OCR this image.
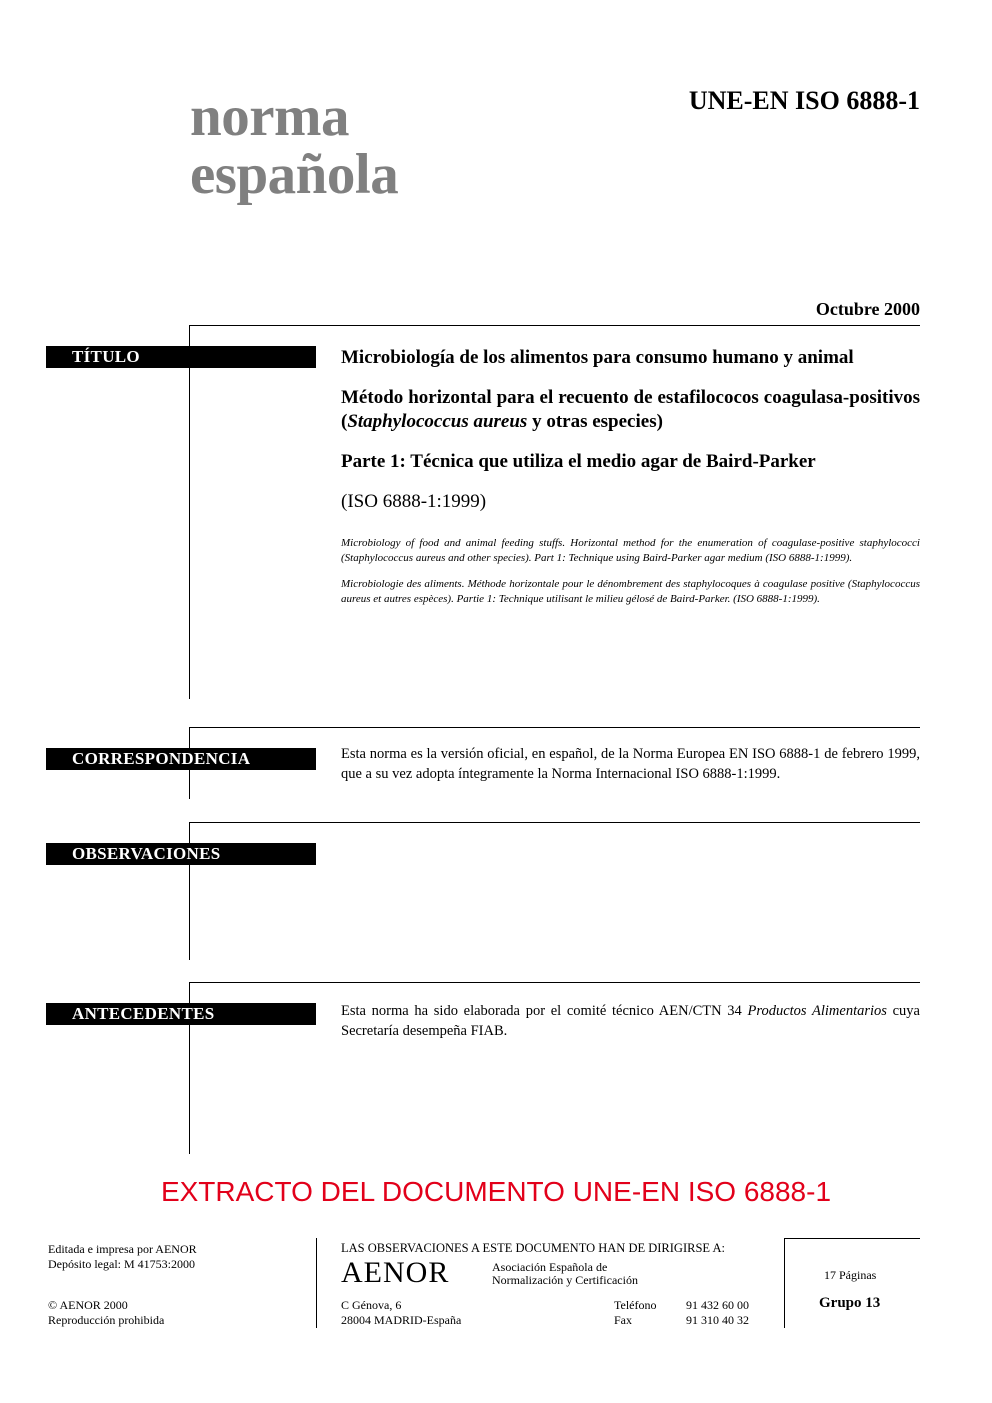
norma
española
UNE-EN ISO 6888-1
Octubre 2000
TÍTULO	Microbiología de los alimentos para consumo humano y animal

Método horizontal para el recuento de estafilococos coagulasa-positivos (Staphylococcus aureus y otras especies)

Parte 1: Técnica que utiliza el medio agar de Baird-Parker

(ISO 6888-1:1999)

Microbiology of food and animal feeding stuffs. Horizontal method for the enumeration of coagulase-positive staphylococci (Staphylococcus aureus and other species). Part 1: Technique using Baird-Parker agar medium (ISO 6888-1:1999).

Microbiologie des aliments. Méthode horizontale pour le dénombrement des staphylocoques à coagulase positive (Staphylococcus aureus et autres espèces). Partie 1: Technique utilisant le milieu gélosé de Baird-Parker. (ISO 6888-1:1999).

CORRESPONDENCIA	Esta norma es la versión oficial, en español, de la Norma Europea EN ISO 6888-1 de febrero 1999, que a su vez adopta íntegramente la Norma Internacional ISO 6888-1:1999.

OBSERVACIONES
ANTECEDENTES	Esta norma ha sido elaborada por el comité técnico AEN/CTN 34 Productos Alimentarios cuya Secretaría desempeña FIAB.

EXTRACTO DEL DOCUMENTO UNE-EN ISO 6888-1
Editada e impresa por AENOR
Depósito legal: M 41753:2000
© AENOR 2000
Reproducción prohibida
LAS OBSERVACIONES A ESTE DOCUMENTO HAN DE DIRIGIRSE A:
AENOR	Asociación Española de
Normalización y Certificación
C Génova, 6
28004 MADRID-España
Teléfono 91 432 60 00
Fax	91 310 40 32
17 Páginas
Grupo 13
